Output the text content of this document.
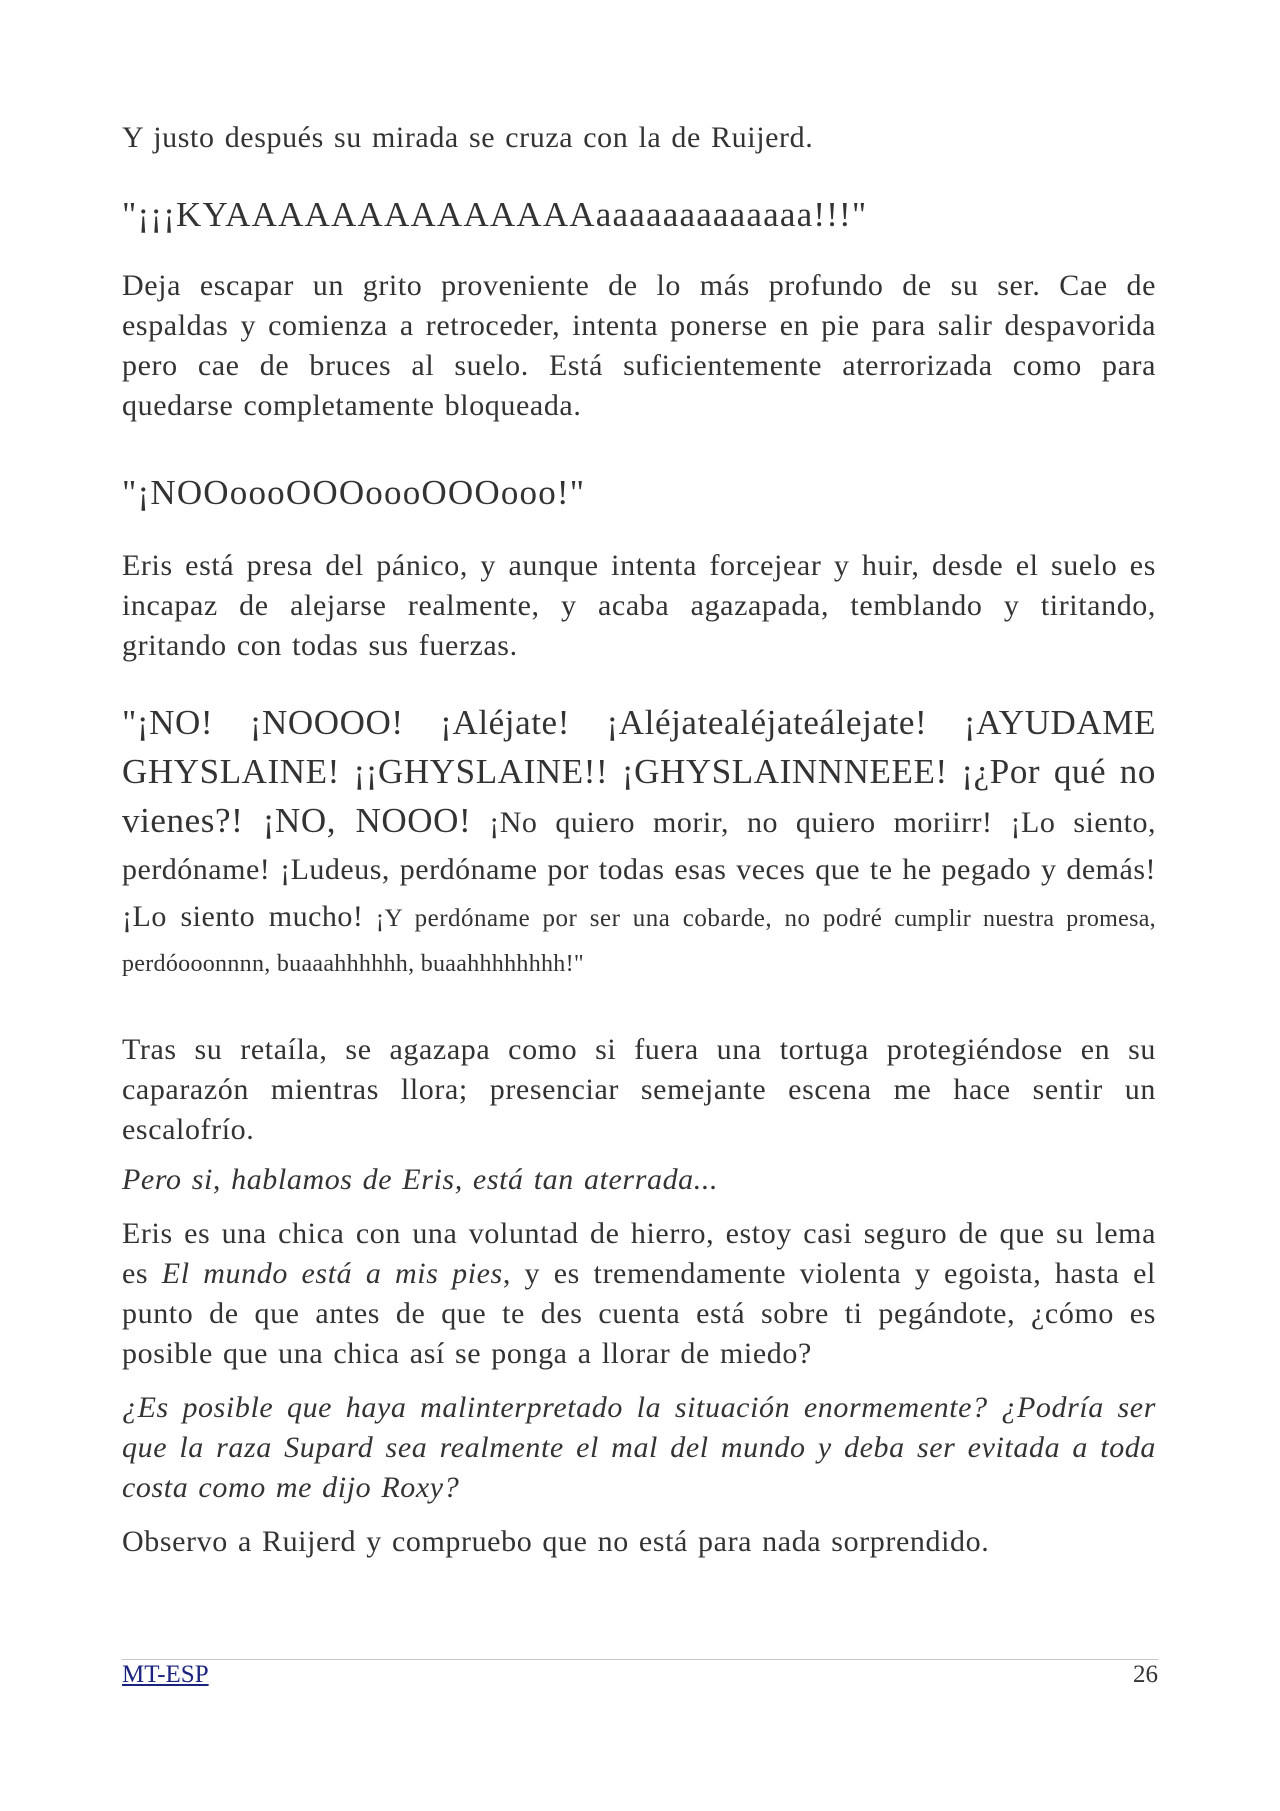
Y justo después su mirada se cruza con la de Ruijerd.

"¡¡¡KYAAAAAAAAAAAAAAaaaaaaaaaaaaa!!!"

Deja escapar un grito proveniente de lo más profundo de su ser. Cae de espaldas y comienza a retroceder, intenta ponerse en pie para salir despavorida pero cae de bruces al suelo. Está suficientemente aterrorizada como para quedarse completamente bloqueada.

"¡NOOoooOOOoooOOOooo!"

Eris está presa del pánico, y aunque intenta forcejear y huir, desde el suelo es incapaz de alejarse realmente, y acaba agazapada, temblando y tiritando, gritando con todas sus fuerzas.

"¡NO! ¡NOOOO! ¡Aléjate! ¡Aléjatealéjateálejate! ¡AYUDAME GHYSLAINE! ¡¡GHYSLAINE!! ¡GHYSLAINNNEEE! ¡¿Por qué no vienes?! ¡NO, NOOO! ¡No quiero morir, no quiero moriirr! ¡Lo siento, perdóname! ¡Ludeus, perdóname por todas esas veces que te he pegado y demás! ¡Lo siento mucho! ¡Y perdóname por ser una cobarde, no podré cumplir nuestra promesa, perdóooonnnn, buaaahhhhhh, buaahhhhhhhh!"

Tras su retaíla, se agazapa como si fuera una tortuga protegiéndose en su caparazón mientras llora; presenciar semejante escena me hace sentir un escalofrío.

Pero si, hablamos de Eris, está tan aterrada...

Eris es una chica con una voluntad de hierro, estoy casi seguro de que su lema es El mundo está a mis pies, y es tremendamente violenta y egoista, hasta el punto de que antes de que te des cuenta está sobre ti pegándote, ¿cómo es posible que una chica así se ponga a llorar de miedo?

¿Es posible que haya malinterpretado la situación enormemente? ¿Podría ser que la raza Supard sea realmente el mal del mundo y deba ser evitada a toda costa como me dijo Roxy?

Observo a Ruijerd y compruebo que no está para nada sorprendido.

MT-ESP	26
